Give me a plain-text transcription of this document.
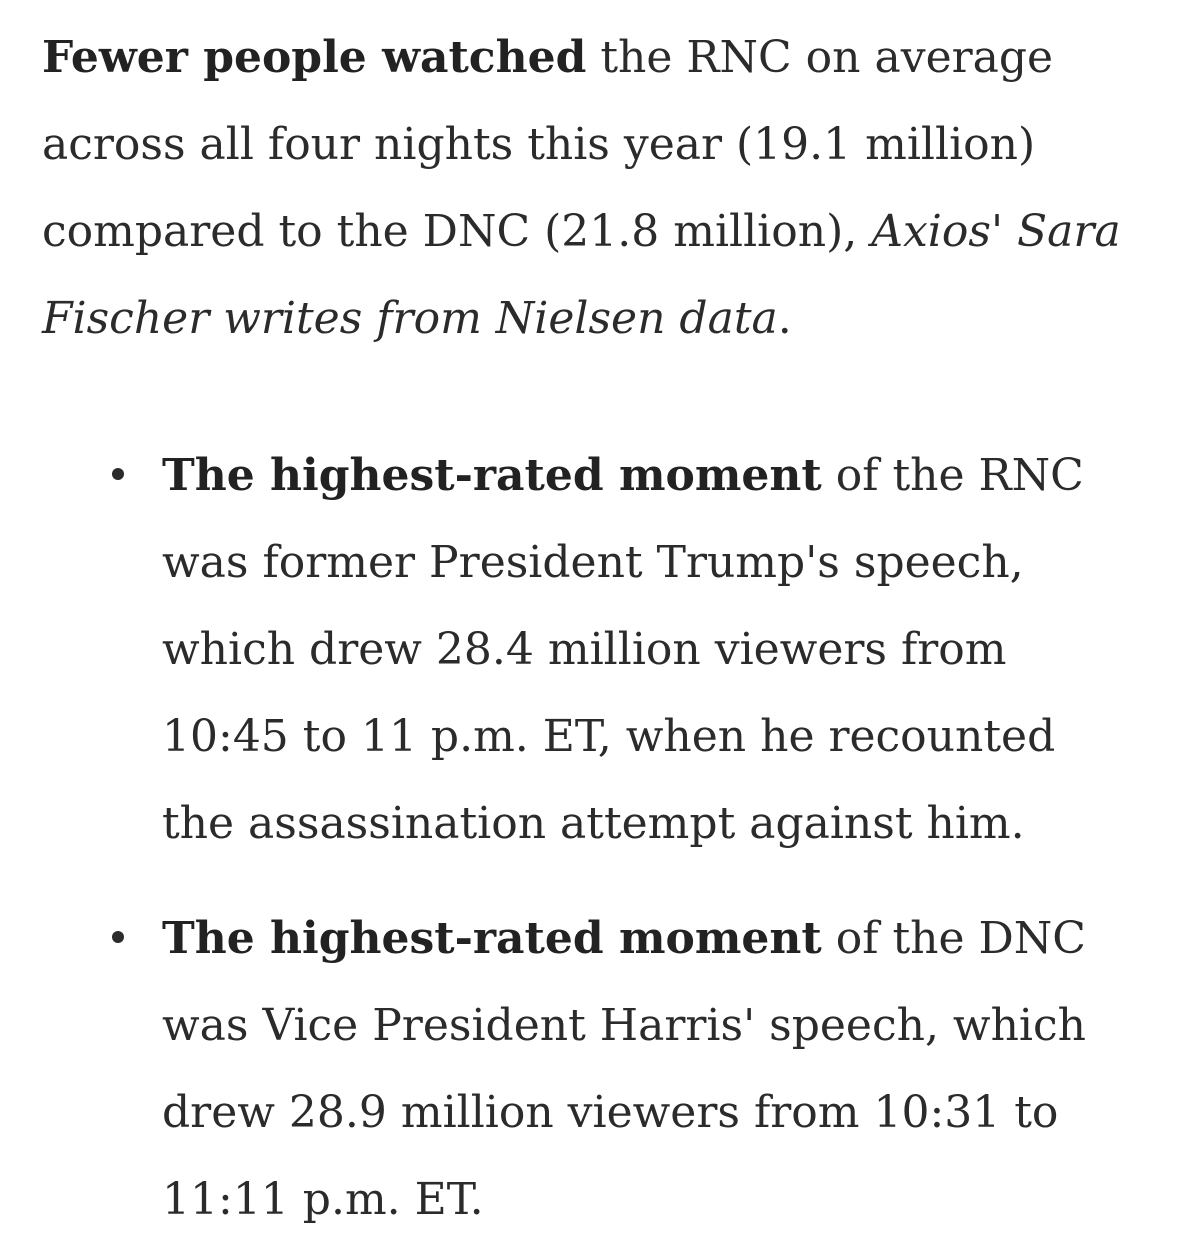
Fewer people watched the RNC on average across all four nights this year (19.1 million) compared to the DNC (21.8 million), Axios' Sara Fischer writes from Nielsen data.

The highest-rated moment of the RNC was former President Trump's speech, which drew 28.4 million viewers from 10:45 to 11 p.m. ET, when he recounted the assassination attempt against him.
The highest-rated moment of the DNC was Vice President Harris' speech, which drew 28.9 million viewers from 10:31 to 11:11 p.m. ET.
